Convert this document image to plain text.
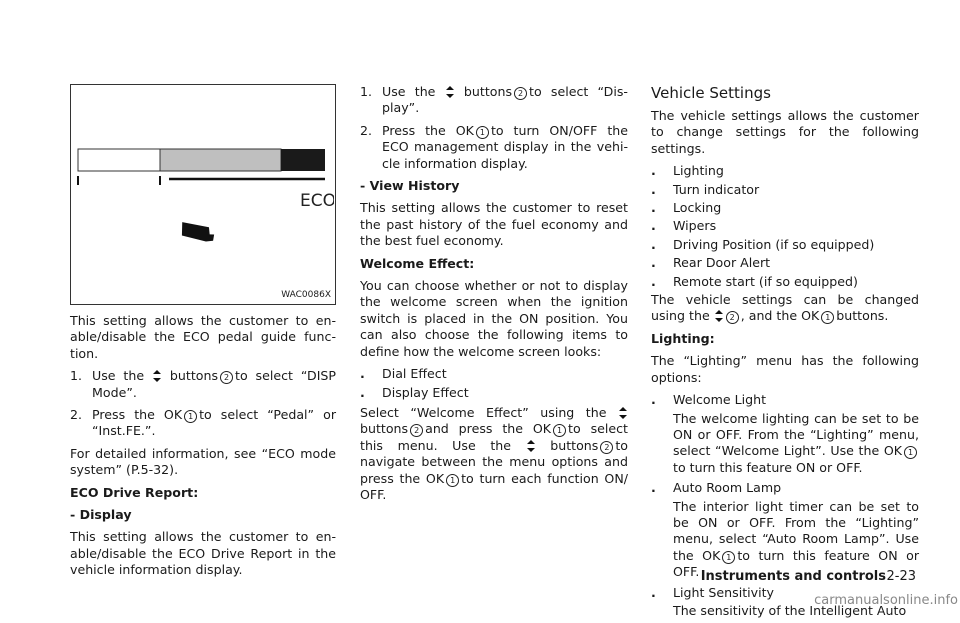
ECO
WAC0086X

This setting allows the customer to en-able/disable the ECO pedal guide func-tion.

1. Use the buttons 2 to select “DISP Mode”.
2. Press the OK 1 to select “Pedal” or “Inst.FE.”.

For detailed information, see “ECO mode system” (P.5-32).

ECO Drive Report:

- Display

This setting allows the customer to en-able/disable the ECO Drive Report in the vehicle information display.

1. Use the buttons 2 to select “Dis-play”.
2. Press the OK 1 to turn ON/OFF the ECO management display in the vehi-cle information display.

- View History

This setting allows the customer to reset the past history of the fuel economy and the best fuel economy.

Welcome Effect:

You can choose whether or not to display the welcome screen when the ignition switch is placed in the ON position. You can also choose the following items to define how the welcome screen looks:

.	Dial Effect
.	Display Effect

Select “Welcome Effect” using the
buttons 2 and press the OK 1 to select this menu. Use the	buttons 2 to navigate between the menu options and press the OK 1 to turn each function ON/ OFF.

Vehicle Settings

The vehicle settings allows the customer to change settings for the following settings.

.	Lighting
.	Turn indicator
.	Locking
.	Wipers
.	Driving Position (if so equipped)
.	Rear Door Alert
.	Remote start (if so equipped)

The vehicle settings can be changed using the 2 , and the OK 1 buttons.

Lighting:

The “Lighting” menu has the following options:

.	Welcome Light

The welcome lighting can be set to be ON or OFF. From the “Lighting” menu, select “Welcome Light”. Use the OK 1to turn this feature ON or OFF.

.	Auto Room Lamp

The interior light timer can be set to be ON or OFF. From the “Lighting” menu, select “Auto Room Lamp”. Use the OK 1 to turn this feature ON or OFF.

.	Light Sensitivity

The sensitivity of the Intelligent Auto

Instruments and controls 2-23
carmanualsonline.info
